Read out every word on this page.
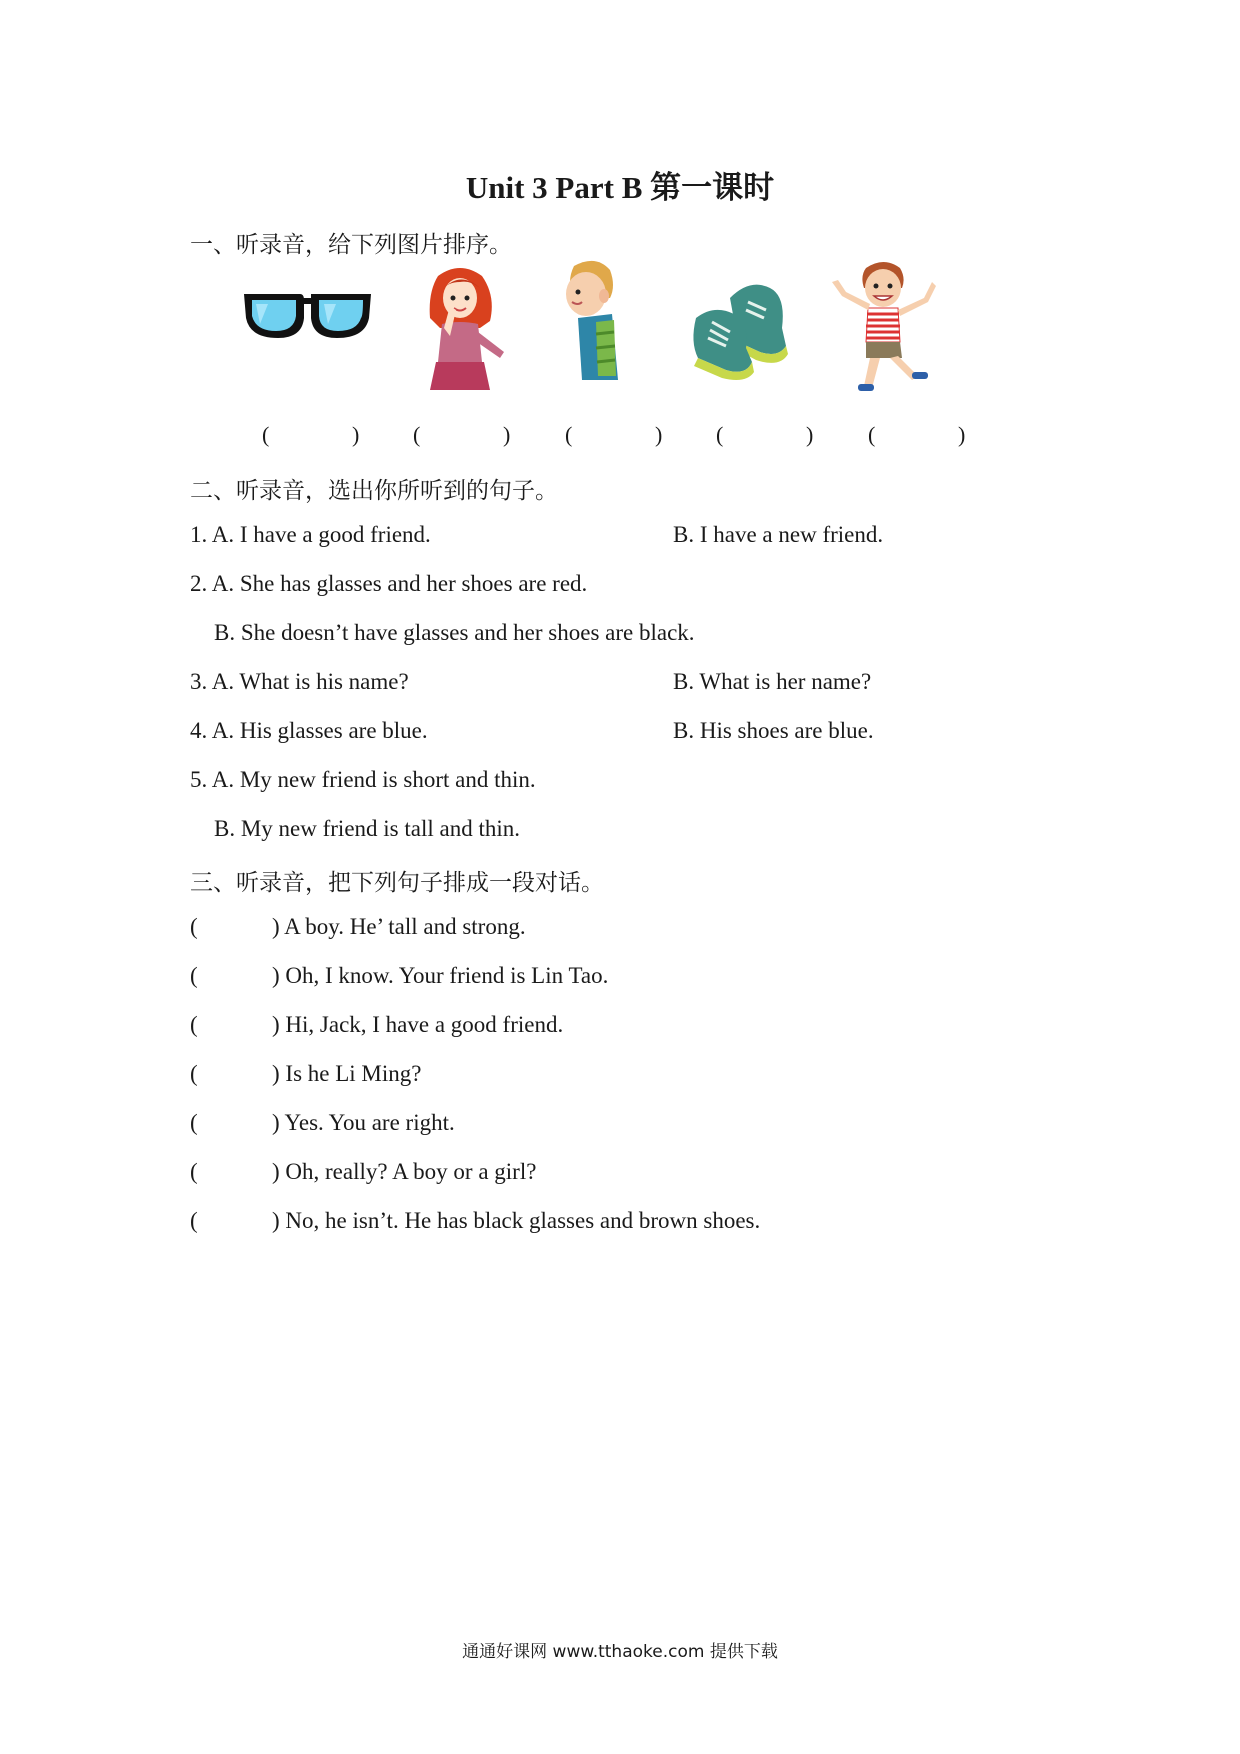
Unit 3 Part B 第一课时
一、听录音，给下列图片排序。
(	) (	) (	) (	) (	)
二、听录音，选出你所听到的句子。
1. A. I have a good friend.	B. I have a new friend.
2. A. She has glasses and her shoes are red.
B. She doesn’t have glasses and her shoes are black.
3. A. What is his name?	B. What is her name?
4. A. His glasses are blue.	B. His shoes are blue.
5. A. My new friend is short and thin.
B. My new friend is tall and thin.
三、听录音，把下列句子排成一段对话。
(	) A boy. He’ tall and strong.
(	) Oh, I know. Your friend is Lin Tao.
(	) Hi, Jack, I have a good friend.
(	) Is he Li Ming?
(	) Yes. You are right.
(	) Oh, really? A boy or a girl?
(	) No, he isn’t. He has black glasses and brown shoes.
通通好课网 www.tthaoke.com 提供下载
